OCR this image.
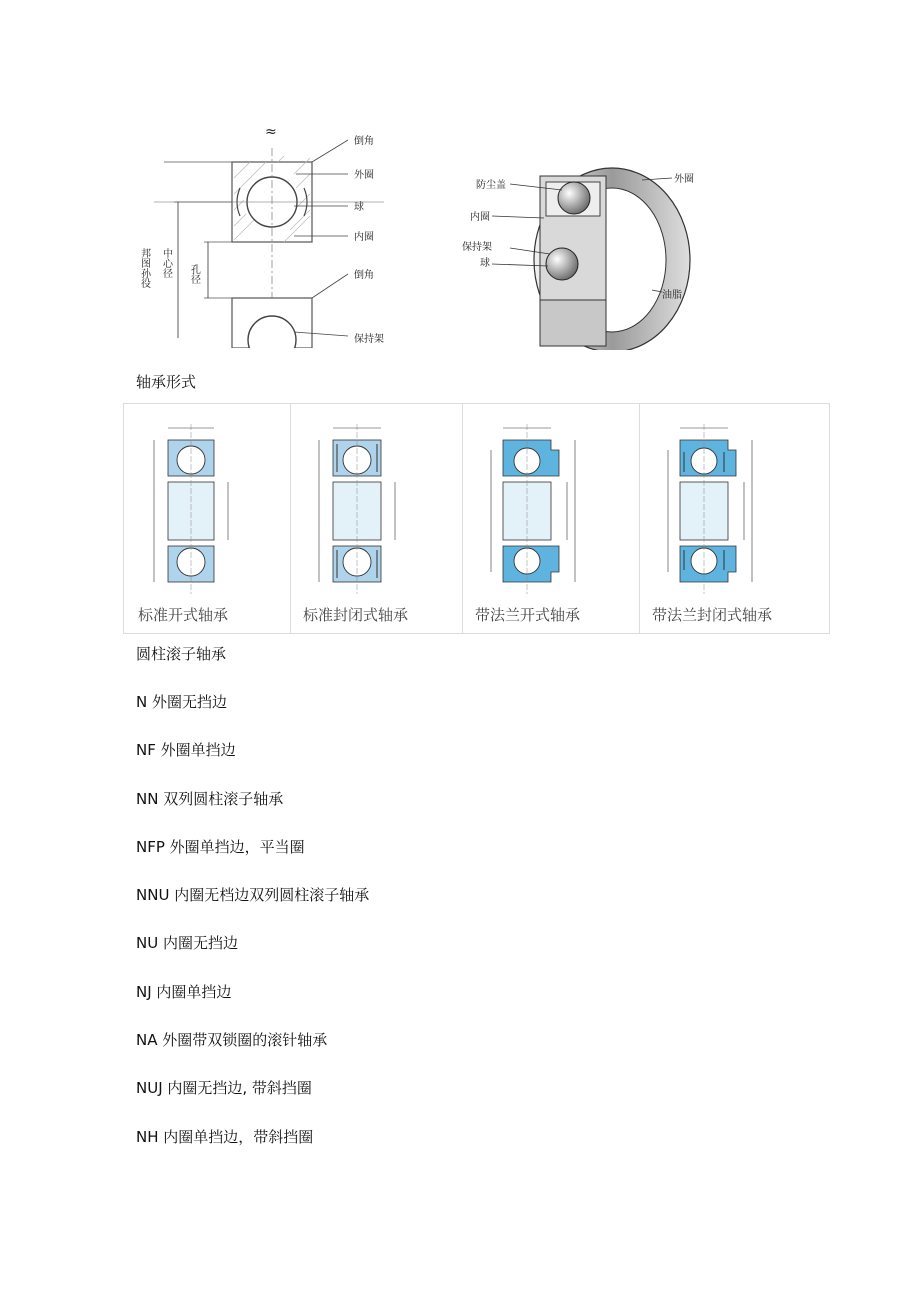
≈
倒角
外圈
球
内圈
倒角
保持架
孔径
中心径
邦图孙役
防尘盖
外圈
内圈
保持架
球
油脂
轴承形式
标准开式轴承	标准封闭式轴承	带法兰开式轴承	带法兰封闭式轴承
圆柱滚子轴承
N 外圈无挡边
NF 外圈单挡边
NN 双列圆柱滚子轴承
NFP 外圈单挡边，平当圈
NNU 内圈无档边双列圆柱滚子轴承
NU 内圈无挡边
NJ 内圈单挡边
NA 外圈带双锁圈的滚针轴承
NUJ 内圈无挡边, 带斜挡圈
NH 内圈单挡边，带斜挡圈
